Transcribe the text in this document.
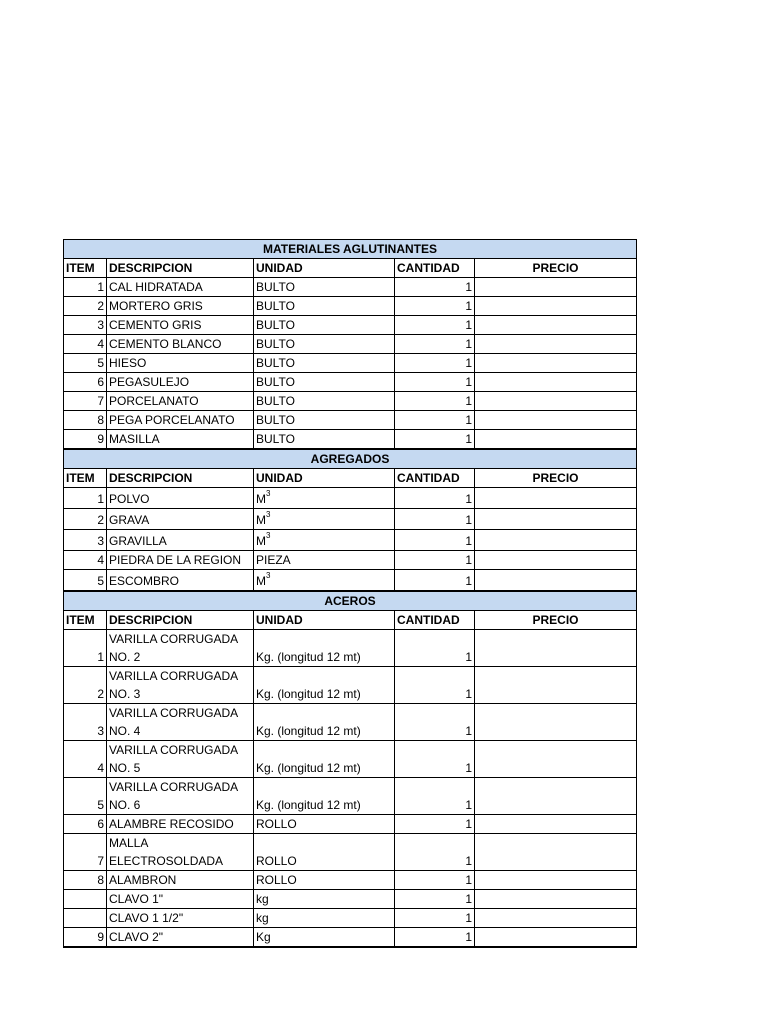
MATERIALES AGLUTINANTES				
ITEM	DESCRIPCION	UNIDAD	CANTIDAD	PRECIO
1	CAL HIDRATADA	BULTO	1	
2	MORTERO GRIS	BULTO	1	
3	CEMENTO GRIS	BULTO	1	
4	CEMENTO BLANCO	BULTO	1	
5	HIESO	BULTO	1	
6	PEGASULEJO	BULTO	1	
7	PORCELANATO	BULTO	1	
8	PEGA PORCELANATO	BULTO	1	
9	MASILLA	BULTO	1	
AGREGADOS				
ITEM	DESCRIPCION	UNIDAD	CANTIDAD	PRECIO
1	POLVO	$M^3$	1	
2	GRAVA	$M^3$	1	
3	GRAVILLA	$M^3$	1	
4	PIEDRA DE LA REGION	PIEZA	1	
5	ESCOMBRO	$M^3$	1	
ACEROS				
ITEM	DESCRIPCION	UNIDAD	CANTIDAD	PRECIO
1	VARILLA CORRUGADA
NO. 2	Kg. (longitud 12 mt)	1	
2	VARILLA CORRUGADA
NO. 3	Kg. (longitud 12 mt)	1	
3	VARILLA CORRUGADA
NO. 4	Kg. (longitud 12 mt)	1	
4	VARILLA CORRUGADA
NO. 5	Kg. (longitud 12 mt)	1	
5	VARILLA CORRUGADA
NO. 6	Kg. (longitud 12 mt)	1	
6	ALAMBRE RECOSIDO	ROLLO	1	
7	MALLA
ELECTROSOLDADA	ROLLO	1	
8	ALAMBRON	ROLLO	1	
	CLAVO 1"	kg	1	
	CLAVO 1 1/2"	kg	1	
9	CLAVO 2"	Kg	1	
